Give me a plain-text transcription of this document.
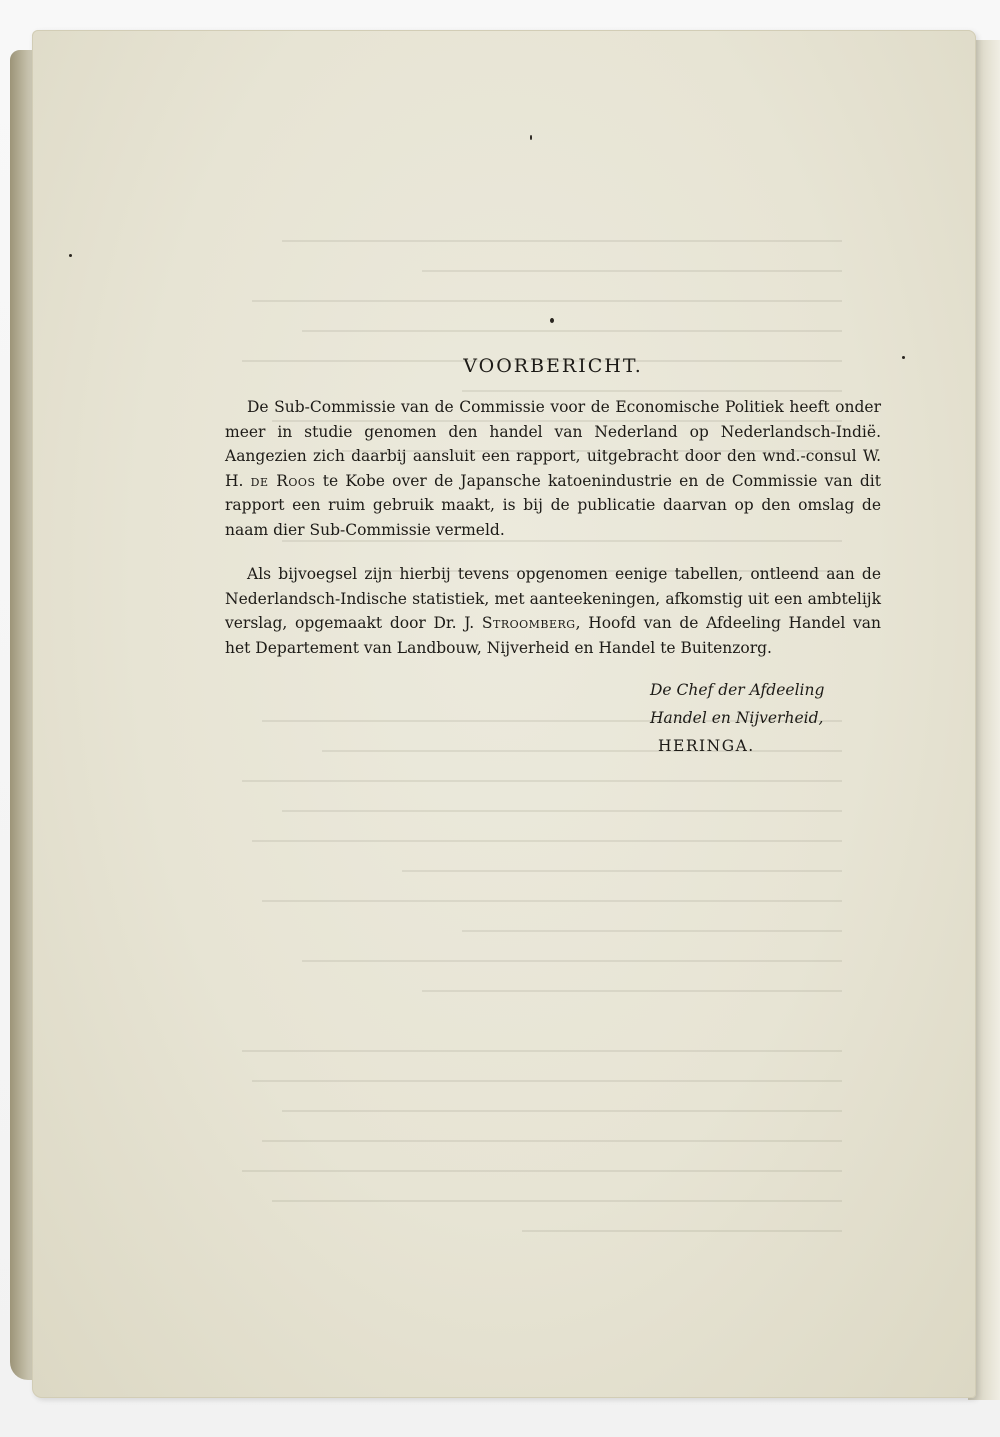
VOORBERICHT.

De Sub-Commissie van de Commissie voor de Economische Politiek heeft onder meer in studie genomen den handel van Nederland op Nederlandsch-Indië. Aangezien zich daarbij aansluit een rapport, uitgebracht door den wnd.-consul W. H. de Roos te Kobe over de Japansche katoenindustrie en de Commissie van dit rapport een ruim gebruik maakt, is bij de publicatie daarvan op den omslag de naam dier Sub-Commissie vermeld.

Als bijvoegsel zijn hierbij tevens opgenomen eenige tabellen, ontleend aan de Nederlandsch-Indische statistiek, met aanteekeningen, afkomstig uit een ambtelijk verslag, opgemaakt door Dr. J. Stroomberg, Hoofd van de Afdeeling Handel van het Departement van Landbouw, Nijverheid en Handel te Buitenzorg.

De Chef der Afdeeling
Handel en Nijverheid,
HERINGA.
